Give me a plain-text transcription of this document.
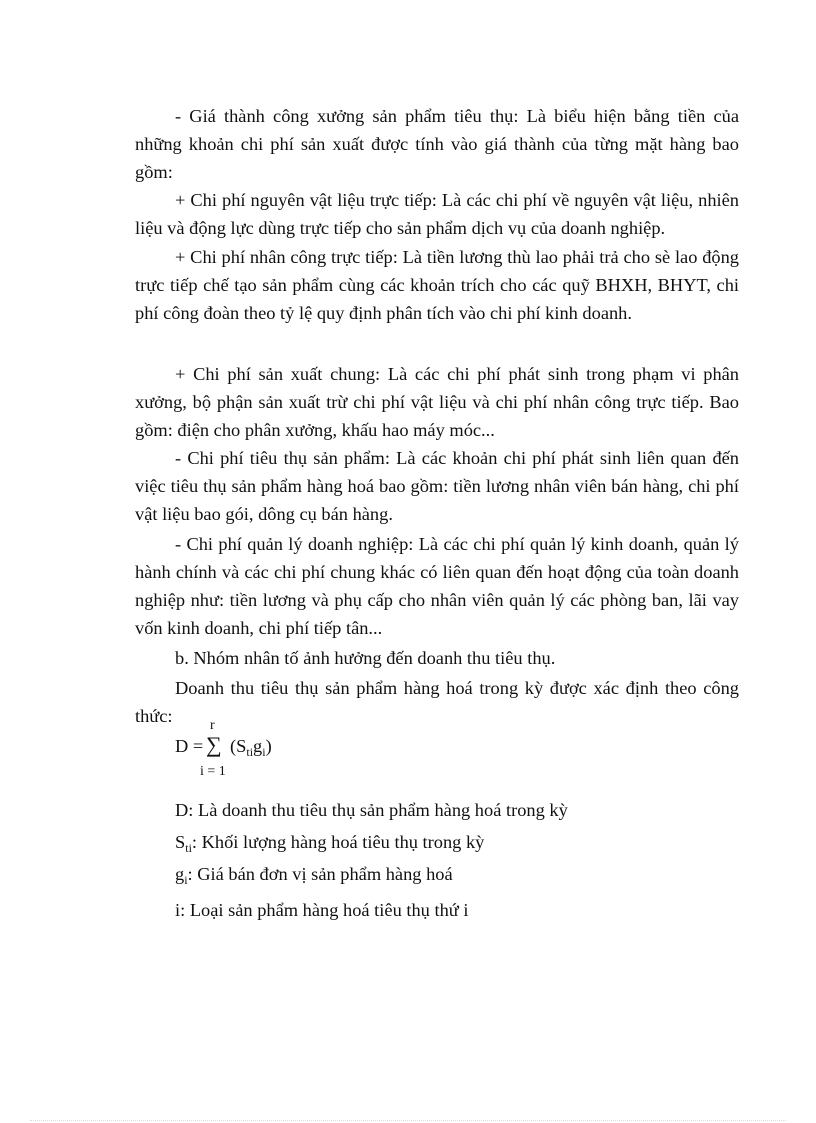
- Giá thành công xưởng sản phẩm tiêu thụ: Là biểu hiện bằng tiền của những khoản chi phí sản xuất được tính vào giá thành của từng mặt hàng bao gồm:

+ Chi phí nguyên vật liệu trực tiếp: Là các chi phí về nguyên vật liệu, nhiên liệu và động lực dùng trực tiếp cho sản phẩm dịch vụ của doanh nghiệp.

+ Chi phí nhân công trực tiếp: Là tiền lương thù lao phải trả cho sè lao động trực tiếp chế tạo sản phẩm cùng các khoản trích cho các quỹ BHXH, BHYT, chi phí công đoàn theo tỷ lệ quy định phân tích vào chi phí kinh doanh.

+ Chi phí sản xuất chung: Là các chi phí phát sinh trong phạm vi phân xưởng, bộ phận sản xuất trừ chi phí vật liệu và chi phí nhân công trực tiếp. Bao gồm: điện cho phân xưởng, khấu hao máy móc...

- Chi phí tiêu thụ sản phẩm: Là các khoản chi phí phát sinh liên quan đến việc tiêu thụ sản phẩm hàng hoá bao gồm: tiền lương nhân viên bán hàng, chi phí vật liệu bao gói, dông cụ bán hàng.

- Chi phí quản lý doanh nghiệp: Là các chi phí quản lý kinh doanh, quản lý hành chính và các chi phí chung khác có liên quan đến hoạt động của toàn doanh nghiệp như: tiền lương và phụ cấp cho nhân viên quản lý các phòng ban, lãi vay vốn kinh doanh, chi phí tiếp tân...

b. Nhóm nhân tố ảnh hưởng đến doanh thu tiêu thụ.

Doanh thu tiêu thụ sản phẩm hàng hoá trong kỳ được xác định theo công thức:

D =
r
∑ $(S_{ti}g_i)$
i = 1
D: Là doanh thu tiêu thụ sản phẩm hàng hoá trong kỳ
$S_{ti}$: Khối lượng hàng hoá tiêu thụ trong kỳ
$g_i$: Giá bán đơn vị sản phẩm hàng hoá
i: Loại sản phẩm hàng hoá tiêu thụ thứ i
